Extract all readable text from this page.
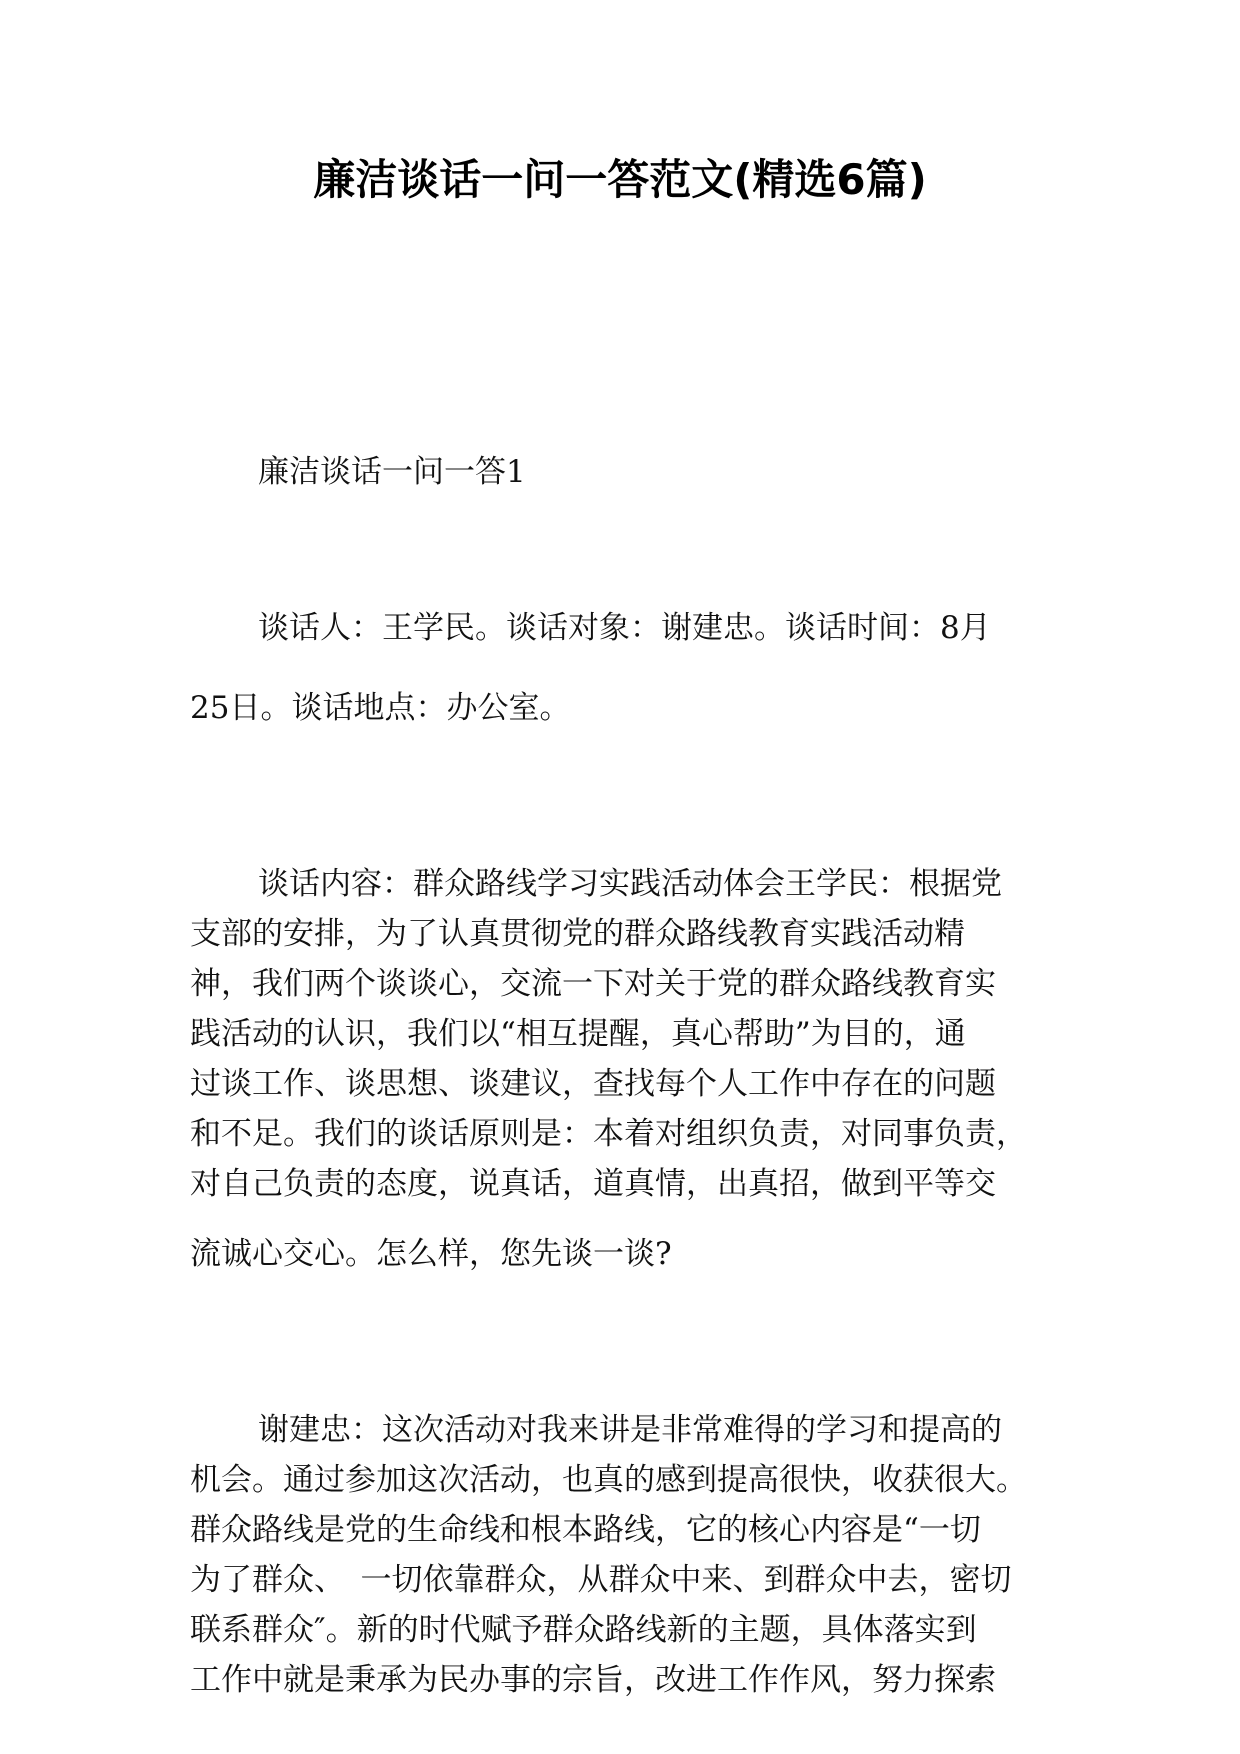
廉洁谈话一问一答范文(精选6篇)
廉洁谈话一问一答1
谈话人：王学民。谈话对象：谢建忠。谈话时间：8月
25日。谈话地点：办公室。
谈话内容：群众路线学习实践活动体会王学民：根据党
支部的安排，为了认真贯彻党的群众路线教育实践活动精
神，我们两个谈谈心，交流一下对关于党的群众路线教育实
践活动的认识，我们以“相互提醒，真心帮助”为目的，通
过谈工作、谈思想、谈建议，查找每个人工作中存在的问题
和不足。我们的谈话原则是：本着对组织负责，对同事负责，
对自己负责的态度，说真话，道真情，出真招，做到平等交
流诚心交心。怎么样，您先谈一谈?
谢建忠：这次活动对我来讲是非常难得的学习和提高的
机会。通过参加这次活动，也真的感到提高很快，收获很大。
群众路线是党的生命线和根本路线，它的核心内容是“一切
为了群众、　一切依靠群众，从群众中来、到群众中去，密切
联系群众″。新的时代赋予群众路线新的主题，具体落实到
工作中就是秉承为民办事的宗旨，改进工作作风，努力探索
